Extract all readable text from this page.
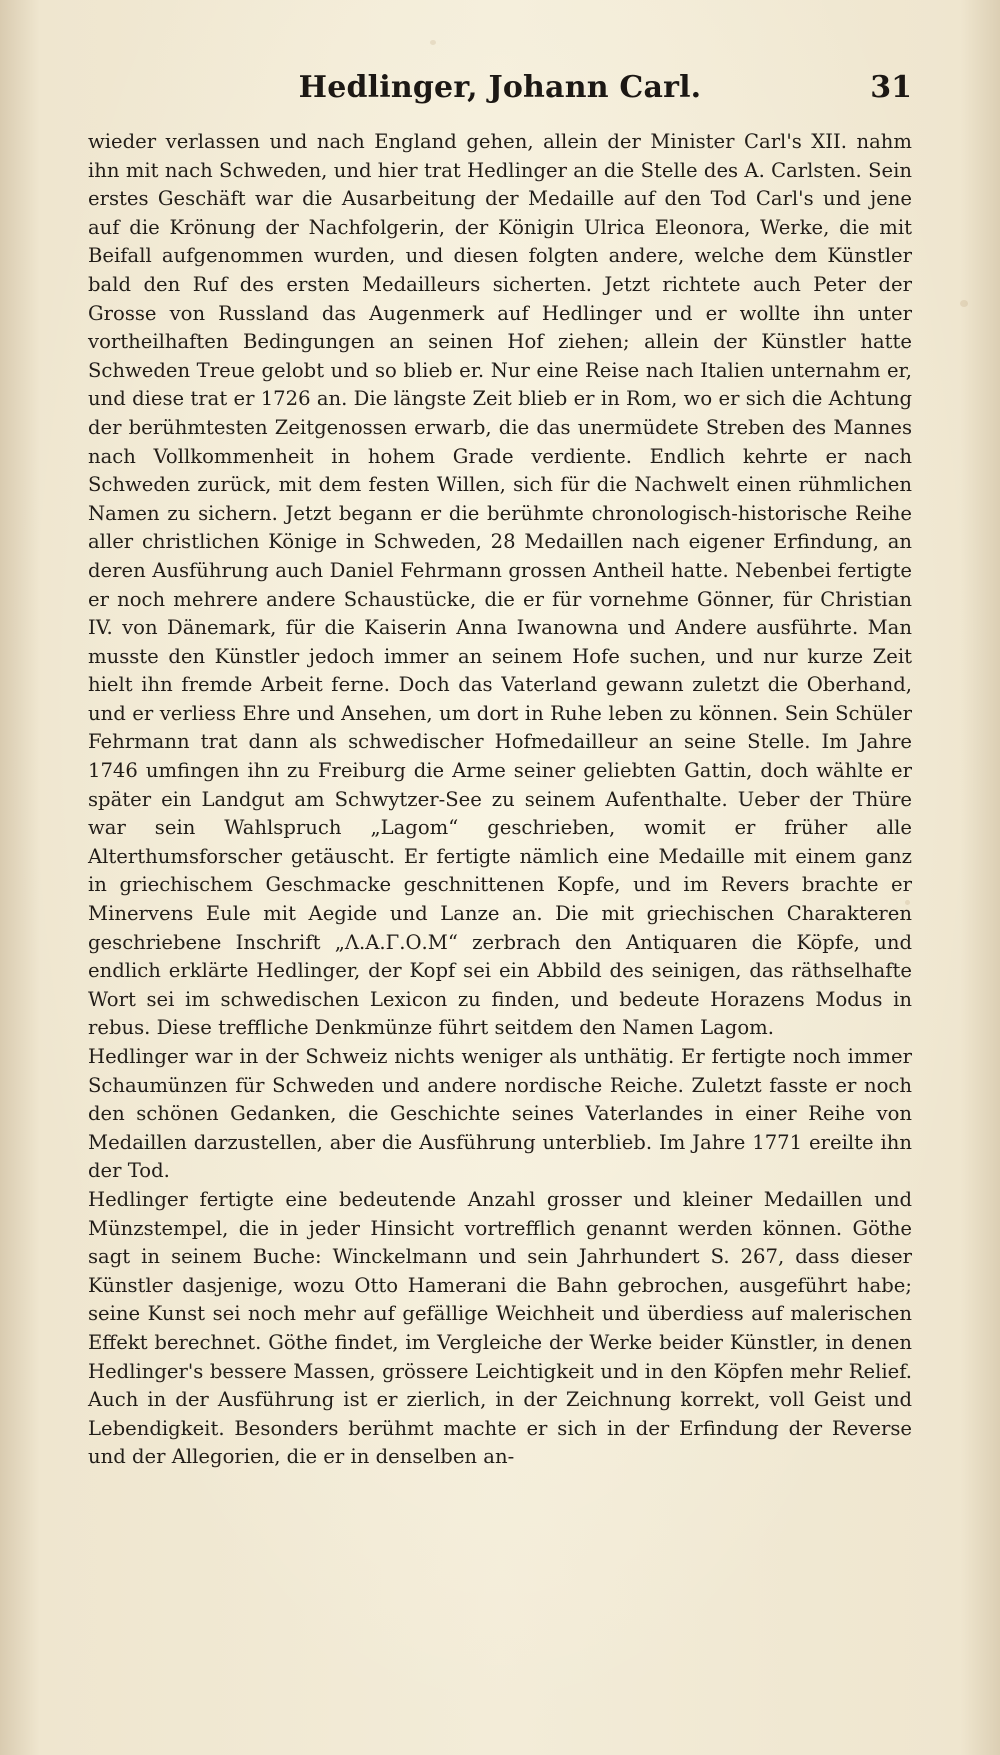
Hedlinger, Johann Carl.	31

wieder verlassen und nach England gehen, allein der Minister Carl's XII. nahm ihn mit nach Schweden, und hier trat Hedlinger an die Stelle des A. Carlsten. Sein erstes Geschäft war die Ausarbeitung der Medaille auf den Tod Carl's und jene auf die Krönung der Nachfolgerin, der Königin Ulrica Eleonora, Werke, die mit Beifall aufgenommen wurden, und diesen folgten andere, welche dem Künstler bald den Ruf des ersten Medailleurs sicherten. Jetzt richtete auch Peter der Grosse von Russland das Augenmerk auf Hedlinger und er wollte ihn unter vortheilhaften Bedingungen an seinen Hof ziehen; allein der Künstler hatte Schweden Treue gelobt und so blieb er. Nur eine Reise nach Italien unternahm er, und diese trat er 1726 an. Die längste Zeit blieb er in Rom, wo er sich die Achtung der berühmtesten Zeitgenossen erwarb, die das unermüdete Streben des Mannes nach Vollkommenheit in hohem Grade verdiente. Endlich kehrte er nach Schweden zurück, mit dem festen Willen, sich für die Nachwelt einen rühmlichen Namen zu sichern. Jetzt begann er die berühmte chronologisch-historische Reihe aller christlichen Könige in Schweden, 28 Medaillen nach eigener Erfindung, an deren Ausführung auch Daniel Fehrmann grossen Antheil hatte. Nebenbei fertigte er noch mehrere andere Schaustücke, die er für vornehme Gönner, für Christian IV. von Dänemark, für die Kaiserin Anna Iwanowna und Andere ausführte. Man musste den Künstler jedoch immer an seinem Hofe suchen, und nur kurze Zeit hielt ihn fremde Arbeit ferne. Doch das Vaterland gewann zuletzt die Oberhand, und er verliess Ehre und Ansehen, um dort in Ruhe leben zu können. Sein Schüler Fehrmann trat dann als schwedischer Hofmedailleur an seine Stelle. Im Jahre 1746 umfingen ihn zu Freiburg die Arme seiner geliebten Gattin, doch wählte er später ein Landgut am Schwytzer-See zu seinem Aufenthalte. Ueber der Thüre war sein Wahlspruch „Lagom“ geschrieben, womit er früher alle Alterthumsforscher getäuscht. Er fertigte nämlich eine Medaille mit einem ganz in griechischem Geschmacke geschnittenen Kopfe, und im Revers brachte er Minervens Eule mit Aegide und Lanze an. Die mit griechischen Charakteren geschriebene Inschrift „Λ.Α.Γ.Ο.Μ“ zerbrach den Antiquaren die Köpfe, und endlich erklärte Hedlinger, der Kopf sei ein Abbild des seinigen, das räthselhafte Wort sei im schwedischen Lexicon zu finden, und bedeute Horazens Modus in rebus. Diese treffliche Denkmünze führt seitdem den Namen Lagom.

Hedlinger war in der Schweiz nichts weniger als unthätig. Er fertigte noch immer Schaumünzen für Schweden und andere nordische Reiche. Zuletzt fasste er noch den schönen Gedanken, die Geschichte seines Vaterlandes in einer Reihe von Medaillen darzustellen, aber die Ausführung unterblieb. Im Jahre 1771 ereilte ihn der Tod.

Hedlinger fertigte eine bedeutende Anzahl grosser und kleiner Medaillen und Münzstempel, die in jeder Hinsicht vortrefflich genannt werden können. Göthe sagt in seinem Buche: Winckelmann und sein Jahrhundert S. 267, dass dieser Künstler dasjenige, wozu Otto Hamerani die Bahn gebrochen, ausgeführt habe; seine Kunst sei noch mehr auf gefällige Weichheit und überdiess auf malerischen Effekt berechnet. Göthe findet, im Vergleiche der Werke beider Künstler, in denen Hedlinger's bessere Massen, grössere Leichtigkeit und in den Köpfen mehr Relief. Auch in der Ausführung ist er zierlich, in der Zeichnung korrekt, voll Geist und Lebendigkeit. Besonders berühmt machte er sich in der Erfindung der Reverse und der Allegorien, die er in denselben an-
